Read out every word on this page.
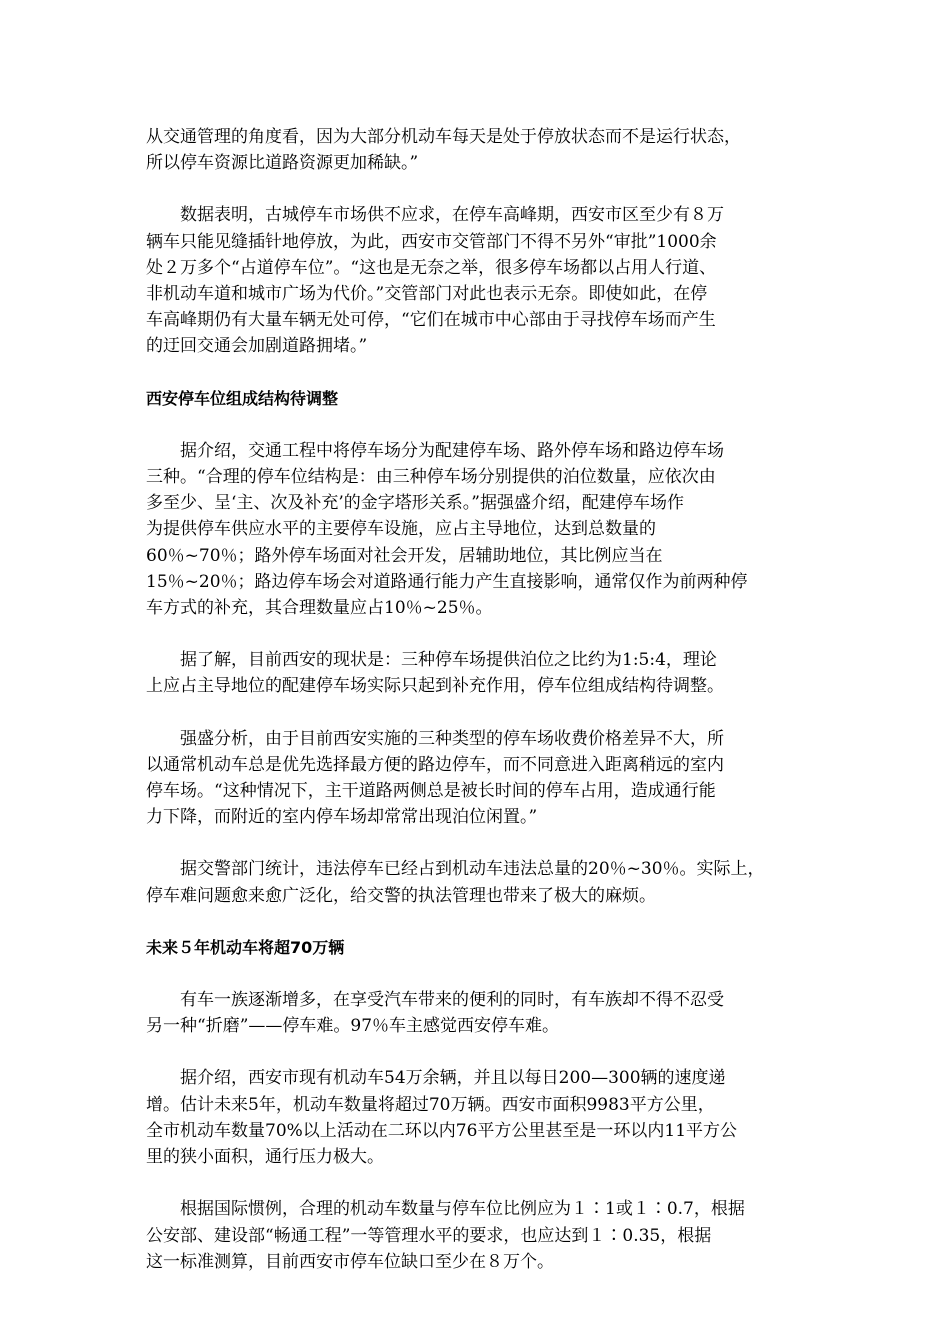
从交通管理的角度看，因为大部分机动车每天是处于停放状态而不是运行状态，
所以停车资源比道路资源更加稀缺。”

　　数据表明，古城停车市场供不应求，在停车高峰期，西安市区至少有８万
辆车只能见缝插针地停放，为此，西安市交管部门不得不另外“审批”1000余
处２万多个“占道停车位”。“这也是无奈之举，很多停车场都以占用人行道、
非机动车道和城市广场为代价。”交管部门对此也表示无奈。即使如此，在停
车高峰期仍有大量车辆无处可停，“它们在城市中心部由于寻找停车场而产生
的迂回交通会加剧道路拥堵。”

西安停车位组成结构待调整

　　据介绍，交通工程中将停车场分为配建停车场、路外停车场和路边停车场
三种。“合理的停车位结构是：由三种停车场分别提供的泊位数量，应依次由
多至少、呈‘主、次及补充’的金字塔形关系。”据强盛介绍，配建停车场作
为提供停车供应水平的主要停车设施，应占主导地位，达到总数量的
60％~70％；路外停车场面对社会开发，居辅助地位，其比例应当在
15％~20％；路边停车场会对道路通行能力产生直接影响，通常仅作为前两种停
车方式的补充，其合理数量应占10％~25％。

　　据了解，目前西安的现状是：三种停车场提供泊位之比约为1:5:4，理论
上应占主导地位的配建停车场实际只起到补充作用，停车位组成结构待调整。

　　强盛分析，由于目前西安实施的三种类型的停车场收费价格差异不大，所
以通常机动车总是优先选择最方便的路边停车，而不同意进入距离稍远的室内
停车场。“这种情况下，主干道路两侧总是被长时间的停车占用，造成通行能
力下降，而附近的室内停车场却常常出现泊位闲置。”

　　据交警部门统计，违法停车已经占到机动车违法总量的20％~30％。实际上，
停车难问题愈来愈广泛化，给交警的执法管理也带来了极大的麻烦。

未来５年机动车将超70万辆

　　有车一族逐渐增多，在享受汽车带来的便利的同时，有车族却不得不忍受
另一种“折磨”——停车难。97％车主感觉西安停车难。

　　据介绍，西安市现有机动车54万余辆，并且以每日200—300辆的速度递
增。估计未来5年，机动车数量将超过70万辆。西安市面积9983平方公里，
全市机动车数量70%以上活动在二环以内76平方公里甚至是一环以内11平方公
里的狭小面积，通行压力极大。

　　根据国际惯例，合理的机动车数量与停车位比例应为１∶1或１∶0.7，根据
公安部、建设部“畅通工程”一等管理水平的要求，也应达到１∶0.35，根据
这一标准测算，目前西安市停车位缺口至少在８万个。
